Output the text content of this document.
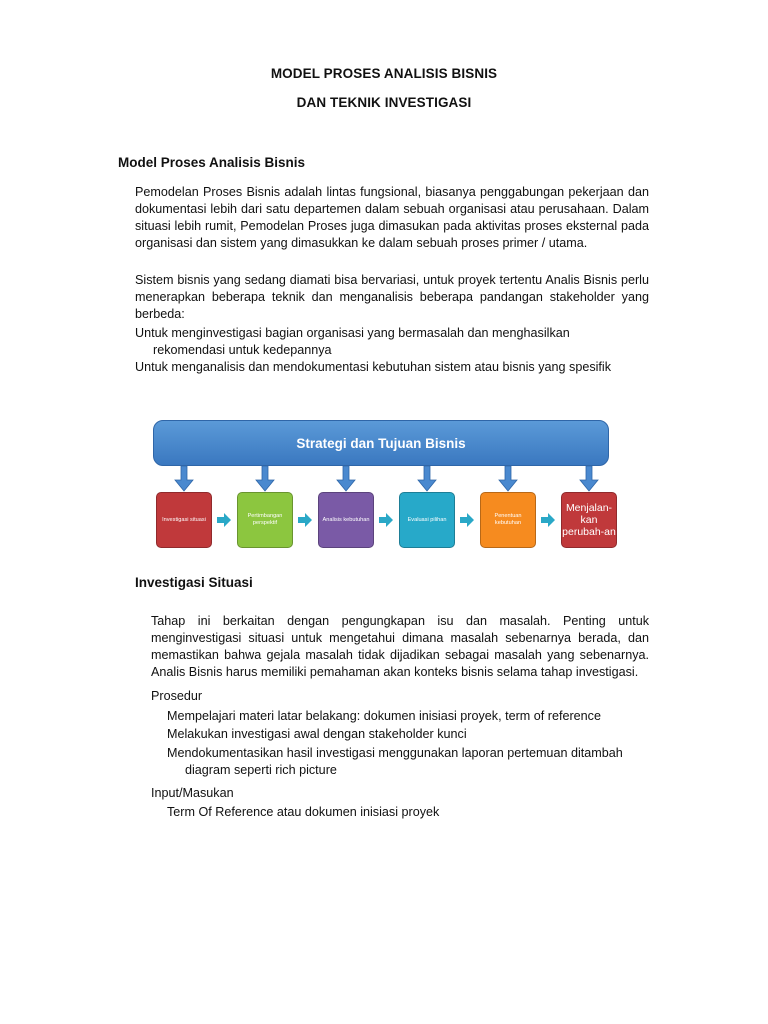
MODEL PROSES ANALISIS BISNIS
DAN TEKNIK INVESTIGASI
Model Proses Analisis Bisnis
Pemodelan Proses Bisnis adalah lintas fungsional, biasanya penggabungan pekerjaan dan dokumentasi lebih dari satu departemen dalam sebuah organisasi atau perusahaan. Dalam situasi lebih rumit, Pemodelan Proses juga dimasukan pada aktivitas proses eksternal pada organisasi dan sistem yang dimasukkan ke dalam sebuah proses primer / utama.
Sistem bisnis yang sedang diamati bisa bervariasi, untuk proyek tertentu Analis Bisnis perlu menerapkan beberapa teknik dan menganalisis beberapa pandangan stakeholder yang berbeda:
Untuk menginvestigasi bagian organisasi yang bermasalah dan menghasilkan
rekomendasi untuk kedepannya
Untuk menganalisis dan mendokumentasi kebutuhan sistem atau bisnis yang spesifik
Strategi dan Tujuan Bisnis
Investigasi situasi
Pertimbangan perspektif
Analisis kebutuhan	Evaluasi pilihan
Penentuan kebutuhan
Menjalan-kan perubah-an
Investigasi Situasi
Tahap ini berkaitan dengan pengungkapan isu dan masalah. Penting untuk menginvestigasi situasi untuk mengetahui dimana masalah sebenarnya berada, dan memastikan bahwa gejala masalah tidak dijadikan sebagai masalah yang sebenarnya. Analis Bisnis harus memiliki pemahaman akan konteks bisnis selama tahap investigasi.
Prosedur
Mempelajari materi latar belakang: dokumen inisiasi proyek, term of reference
Melakukan investigasi awal dengan stakeholder kunci
Mendokumentasikan hasil investigasi menggunakan laporan pertemuan ditambah
diagram seperti rich picture
Input/Masukan
Term Of Reference atau dokumen inisiasi proyek
